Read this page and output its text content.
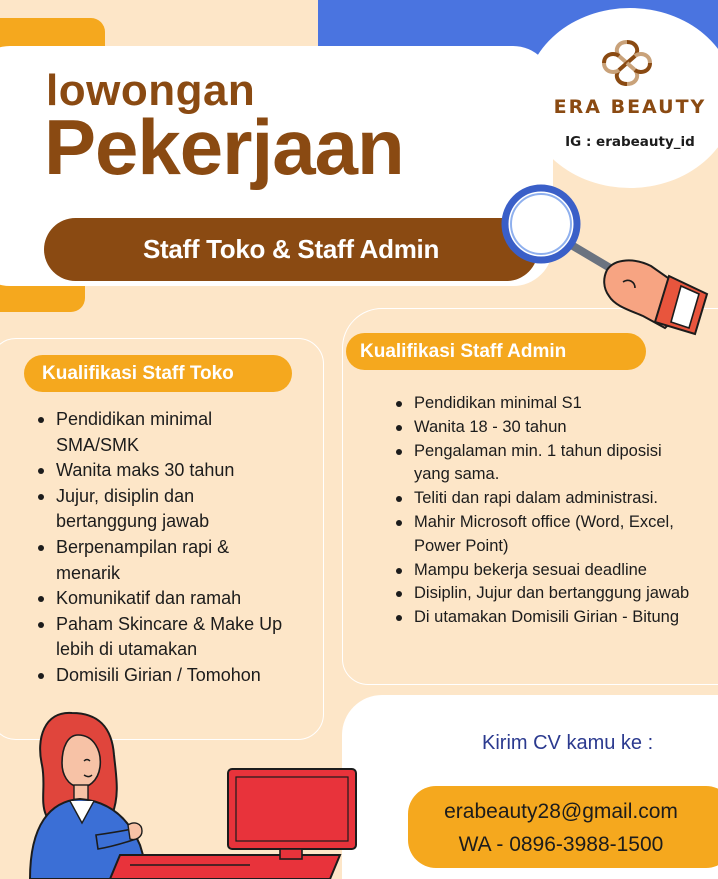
ERA BEAUTY
IG : erabeauty_id
lowongan
Pekerjaan
Staff Toko & Staff Admin
Kualifikasi Staff Toko
Pendidikan minimal SMA/SMK
Wanita maks 30 tahun
Jujur, disiplin dan bertanggung jawab
Berpenampilan rapi & menarik
Komunikatif dan ramah
Paham Skincare & Make Up lebih di utamakan
Domisili Girian / Tomohon
Kualifikasi Staff Admin
Pendidikan minimal S1
Wanita 18 - 30 tahun
Pengalaman min. 1 tahun diposisi yang sama.
Teliti dan rapi dalam administrasi.
Mahir Microsoft office (Word, Excel, Power Point)
Mampu bekerja sesuai deadline
Disiplin, Jujur dan bertanggung jawab
Di utamakan Domisili Girian - Bitung
Kirim CV kamu ke :
erabeauty28@gmail.com
WA - 0896-3988-1500
